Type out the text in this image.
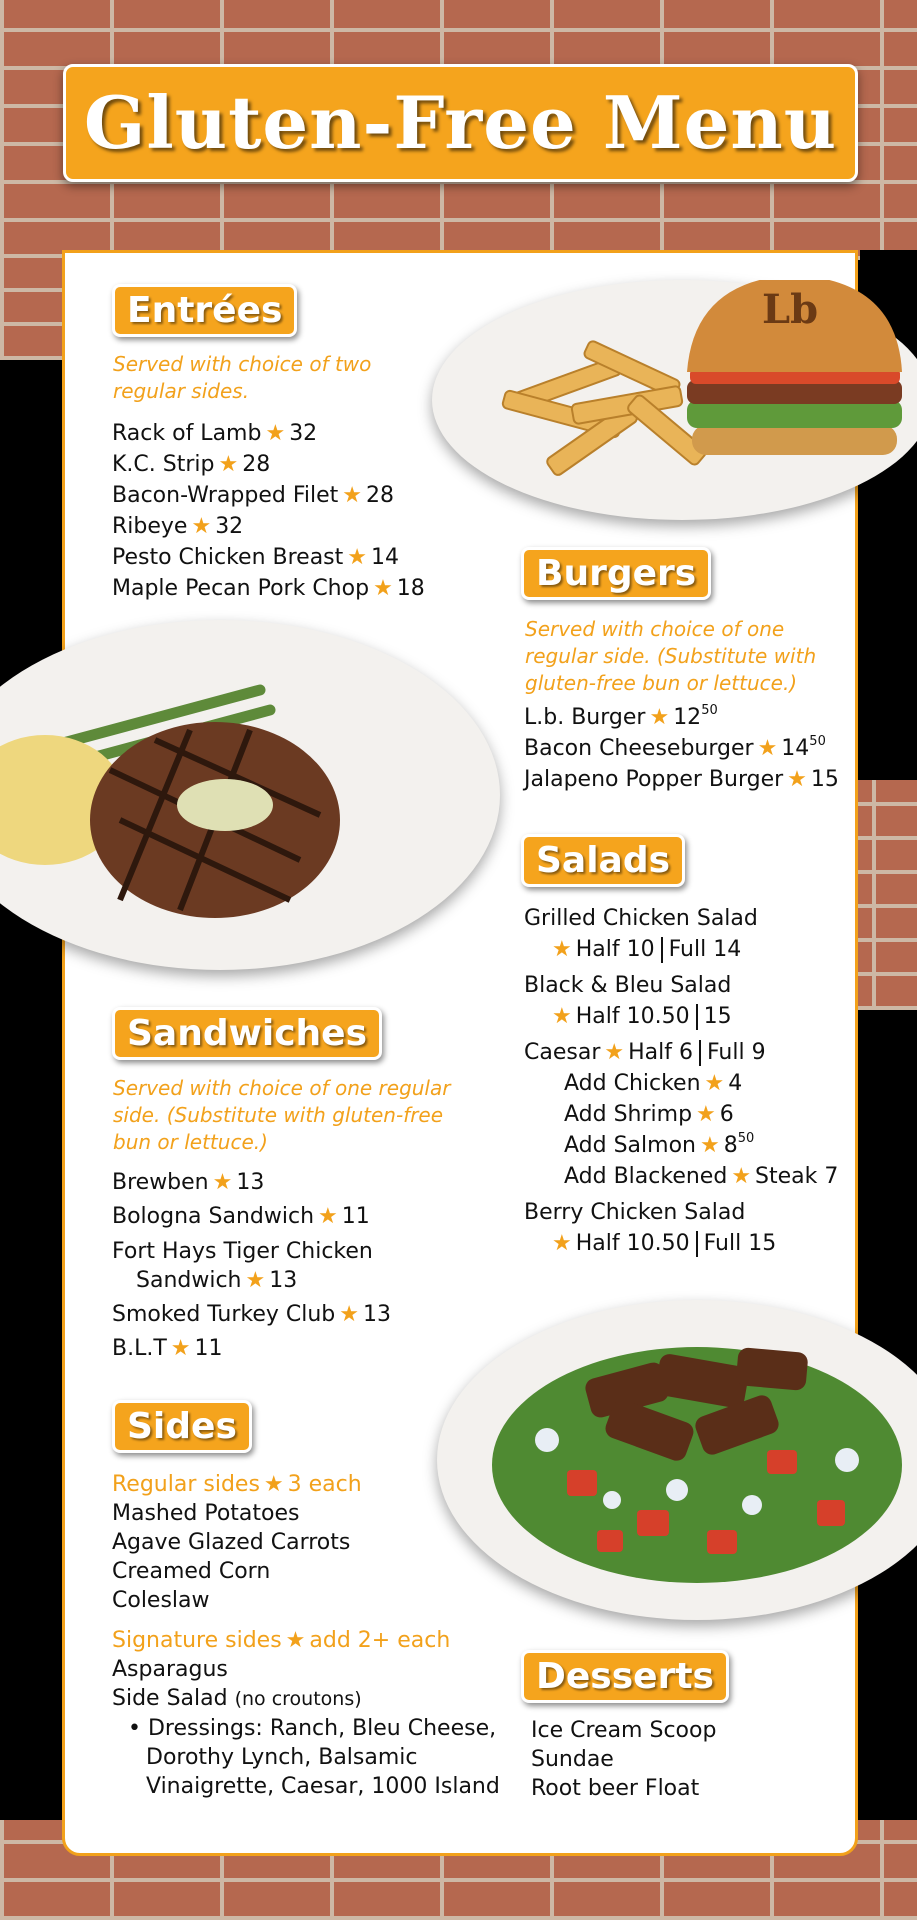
Gluten-Free Menu
Lb
Entrées
Served with choice of two regular sides.
Rack of Lamb ★ 32
K.C. Strip ★ 28
Bacon-Wrapped Filet ★ 28
Ribeye ★ 32
Pesto Chicken Breast ★ 14
Maple Pecan Pork Chop ★ 18	Burgers
Served with choice of one regular side. (Substitute with gluten-free bun or lettuce.)
L.b. Burger ★ $12^{50}$
Bacon Cheeseburger ★ $14^{50}$
Jalapeno Popper Burger ★ 15
Salads
Grilled Chicken Salad
★ Half 10 Full 14
Black & Bleu Salad
★ Half 10.50 15
Caesar ★ Half 6 Full 9
Add Chicken ★ 4
Add Shrimp ★ 6
Add Salmon ★ $8^{50}$
Add Blackened ★ Steak 7
Berry Chicken Salad
★ Half 10.50 Full 15
Sandwiches
Served with choice of one regular side. (Substitute with gluten-free bun or lettuce.)
Brewben ★ 13
Bologna Sandwich ★ 11
Fort Hays Tiger Chicken
Sandwich ★ 13
Smoked Turkey Club ★ 13
B.L.T ★ 11
Sides
Regular sides ★ 3 each
Mashed Potatoes
Agave Glazed Carrots
Creamed Corn
Coleslaw
Signature sides ★ add 2+ each
Asparagus
Side Salad (no croutons)
• Dressings: Ranch, Bleu Cheese,
Dorothy Lynch, Balsamic
Vinaigrette, Caesar, 1000 Island
Desserts
Ice Cream Scoop
Sundae
Root beer Float
